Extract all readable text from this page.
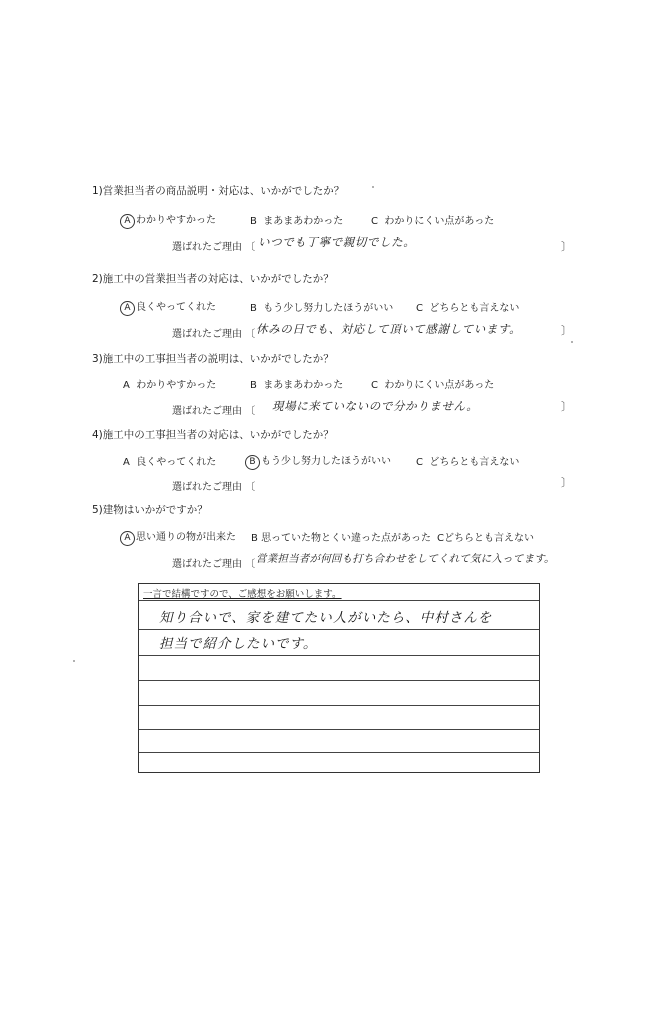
1)営業担当者の商品説明・対応は、いかがでしたか？
A わかりやすかった	B まあまあわかった	C わかりにくい点があった
選ばれたご理由 〔 いつでも丁寧で親切でした。	〕
2)施工中の営業担当者の対応は、いかがでしたか？
A 良くやってくれた	B もう少し努力したほうがいい C どちらとも言えない
選ばれたご理由 〔 休みの日でも、対応して頂いて感謝しています。	〕
3)施工中の工事担当者の説明は、いかがでしたか？
A わかりやすかった	B まあまあわかった	C わかりにくい点があった
選ばれたご理由 〔 現場に来ていないので分かりません。	〕
4)施工中の工事担当者の対応は、いかがでしたか？
A 良くやってくれた	B もう少し努力したほうがいい	C どちらとも言えない
選ばれたご理由 〔	〕
5)建物はいかがですか？
A 思い通りの物が出来た B 思っていた物とくい違った点があった Cどちらとも言えない
選ばれたご理由 〔 営業担当者が何回も打ち合わせをしてくれて気に入ってます。
一言で結構ですので、ご感想をお願いします。
知り合いで、家を建てたい人がいたら、中村さんを
担当で紹介したいです。
